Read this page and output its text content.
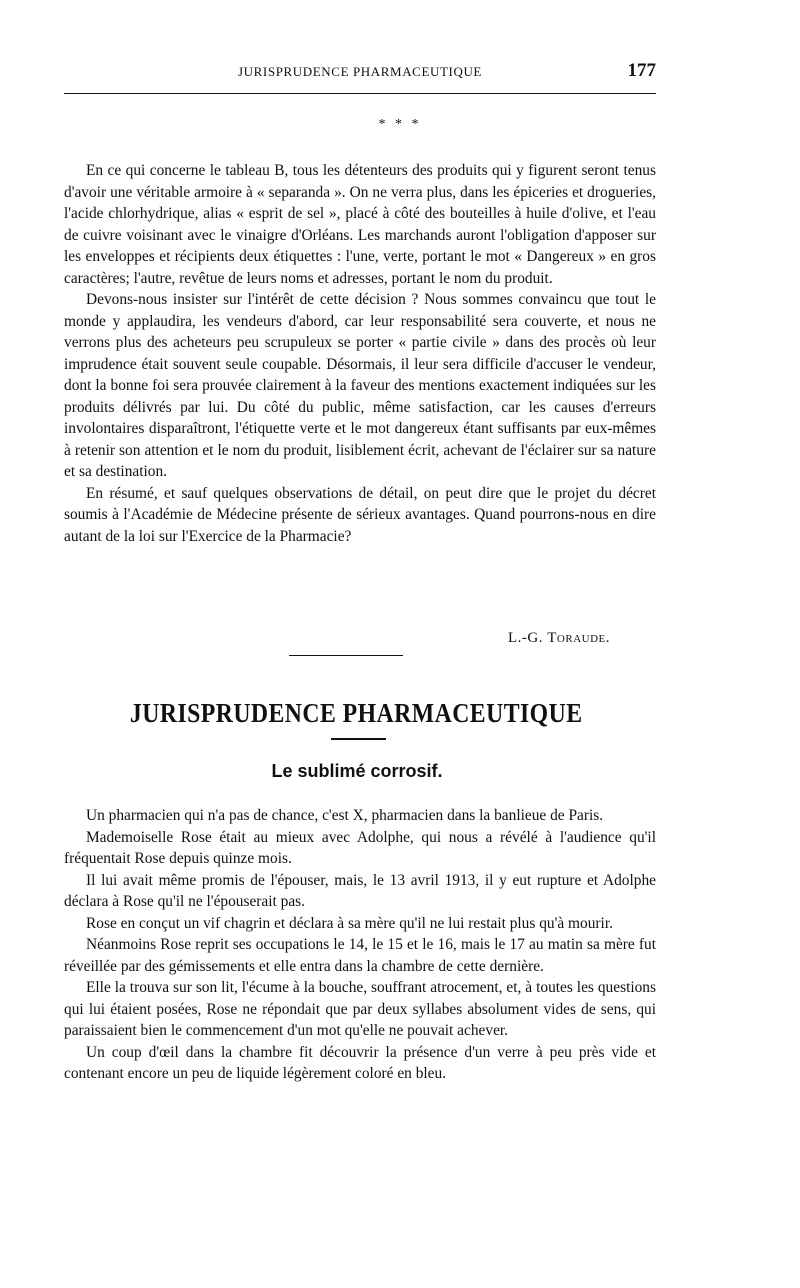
JURISPRUDENCE PHARMACEUTIQUE	177
* * *

En ce qui concerne le tableau B, tous les détenteurs des produits qui y figurent seront tenus d'avoir une véritable armoire à « separanda ». On ne verra plus, dans les épiceries et drogueries, l'acide chlorhydrique, alias « esprit de sel », placé à côté des bouteilles à huile d'olive, et l'eau de cuivre voisinant avec le vinaigre d'Orléans. Les marchands auront l'obligation d'apposer sur les enveloppes et récipients deux étiquettes : l'une, verte, portant le mot « Dangereux » en gros caractères; l'autre, revêtue de leurs noms et adresses, portant le nom du produit.

Devons-nous insister sur l'intérêt de cette décision ? Nous sommes convaincu que tout le monde y applaudira, les vendeurs d'abord, car leur responsabilité sera couverte, et nous ne verrons plus des acheteurs peu scrupuleux se porter « partie civile » dans des procès où leur imprudence était souvent seule coupable. Désormais, il leur sera difficile d'accuser le vendeur, dont la bonne foi sera prouvée clairement à la faveur des mentions exactement indiquées sur les produits délivrés par lui. Du côté du public, même satisfaction, car les causes d'erreurs involontaires disparaîtront, l'étiquette verte et le mot dangereux étant suffisants par eux-mêmes à retenir son attention et le nom du produit, lisiblement écrit, achevant de l'éclairer sur sa nature et sa destination.

En résumé, et sauf quelques observations de détail, on peut dire que le projet du décret soumis à l'Académie de Médecine présente de sérieux avantages. Quand pourrons-nous en dire autant de la loi sur l'Exercice de la Pharmacie?

L.-G. Toraude.
JURISPRUDENCE PHARMACEUTIQUE
Le sublimé corrosif.

Un pharmacien qui n'a pas de chance, c'est X, pharmacien dans la banlieue de Paris.

Mademoiselle Rose était au mieux avec Adolphe, qui nous a révélé à l'audience qu'il fréquentait Rose depuis quinze mois.

Il lui avait même promis de l'épouser, mais, le 13 avril 1913, il y eut rupture et Adolphe déclara à Rose qu'il ne l'épouserait pas.

Rose en conçut un vif chagrin et déclara à sa mère qu'il ne lui restait plus qu'à mourir.

Néanmoins Rose reprit ses occupations le 14, le 15 et le 16, mais le 17 au matin sa mère fut réveillée par des gémissements et elle entra dans la chambre de cette dernière.

Elle la trouva sur son lit, l'écume à la bouche, souffrant atrocement, et, à toutes les questions qui lui étaient posées, Rose ne répondait que par deux syllabes absolument vides de sens, qui paraissaient bien le commencement d'un mot qu'elle ne pouvait achever.

Un coup d'œil dans la chambre fit découvrir la présence d'un verre à peu près vide et contenant encore un peu de liquide légèrement coloré en bleu.
